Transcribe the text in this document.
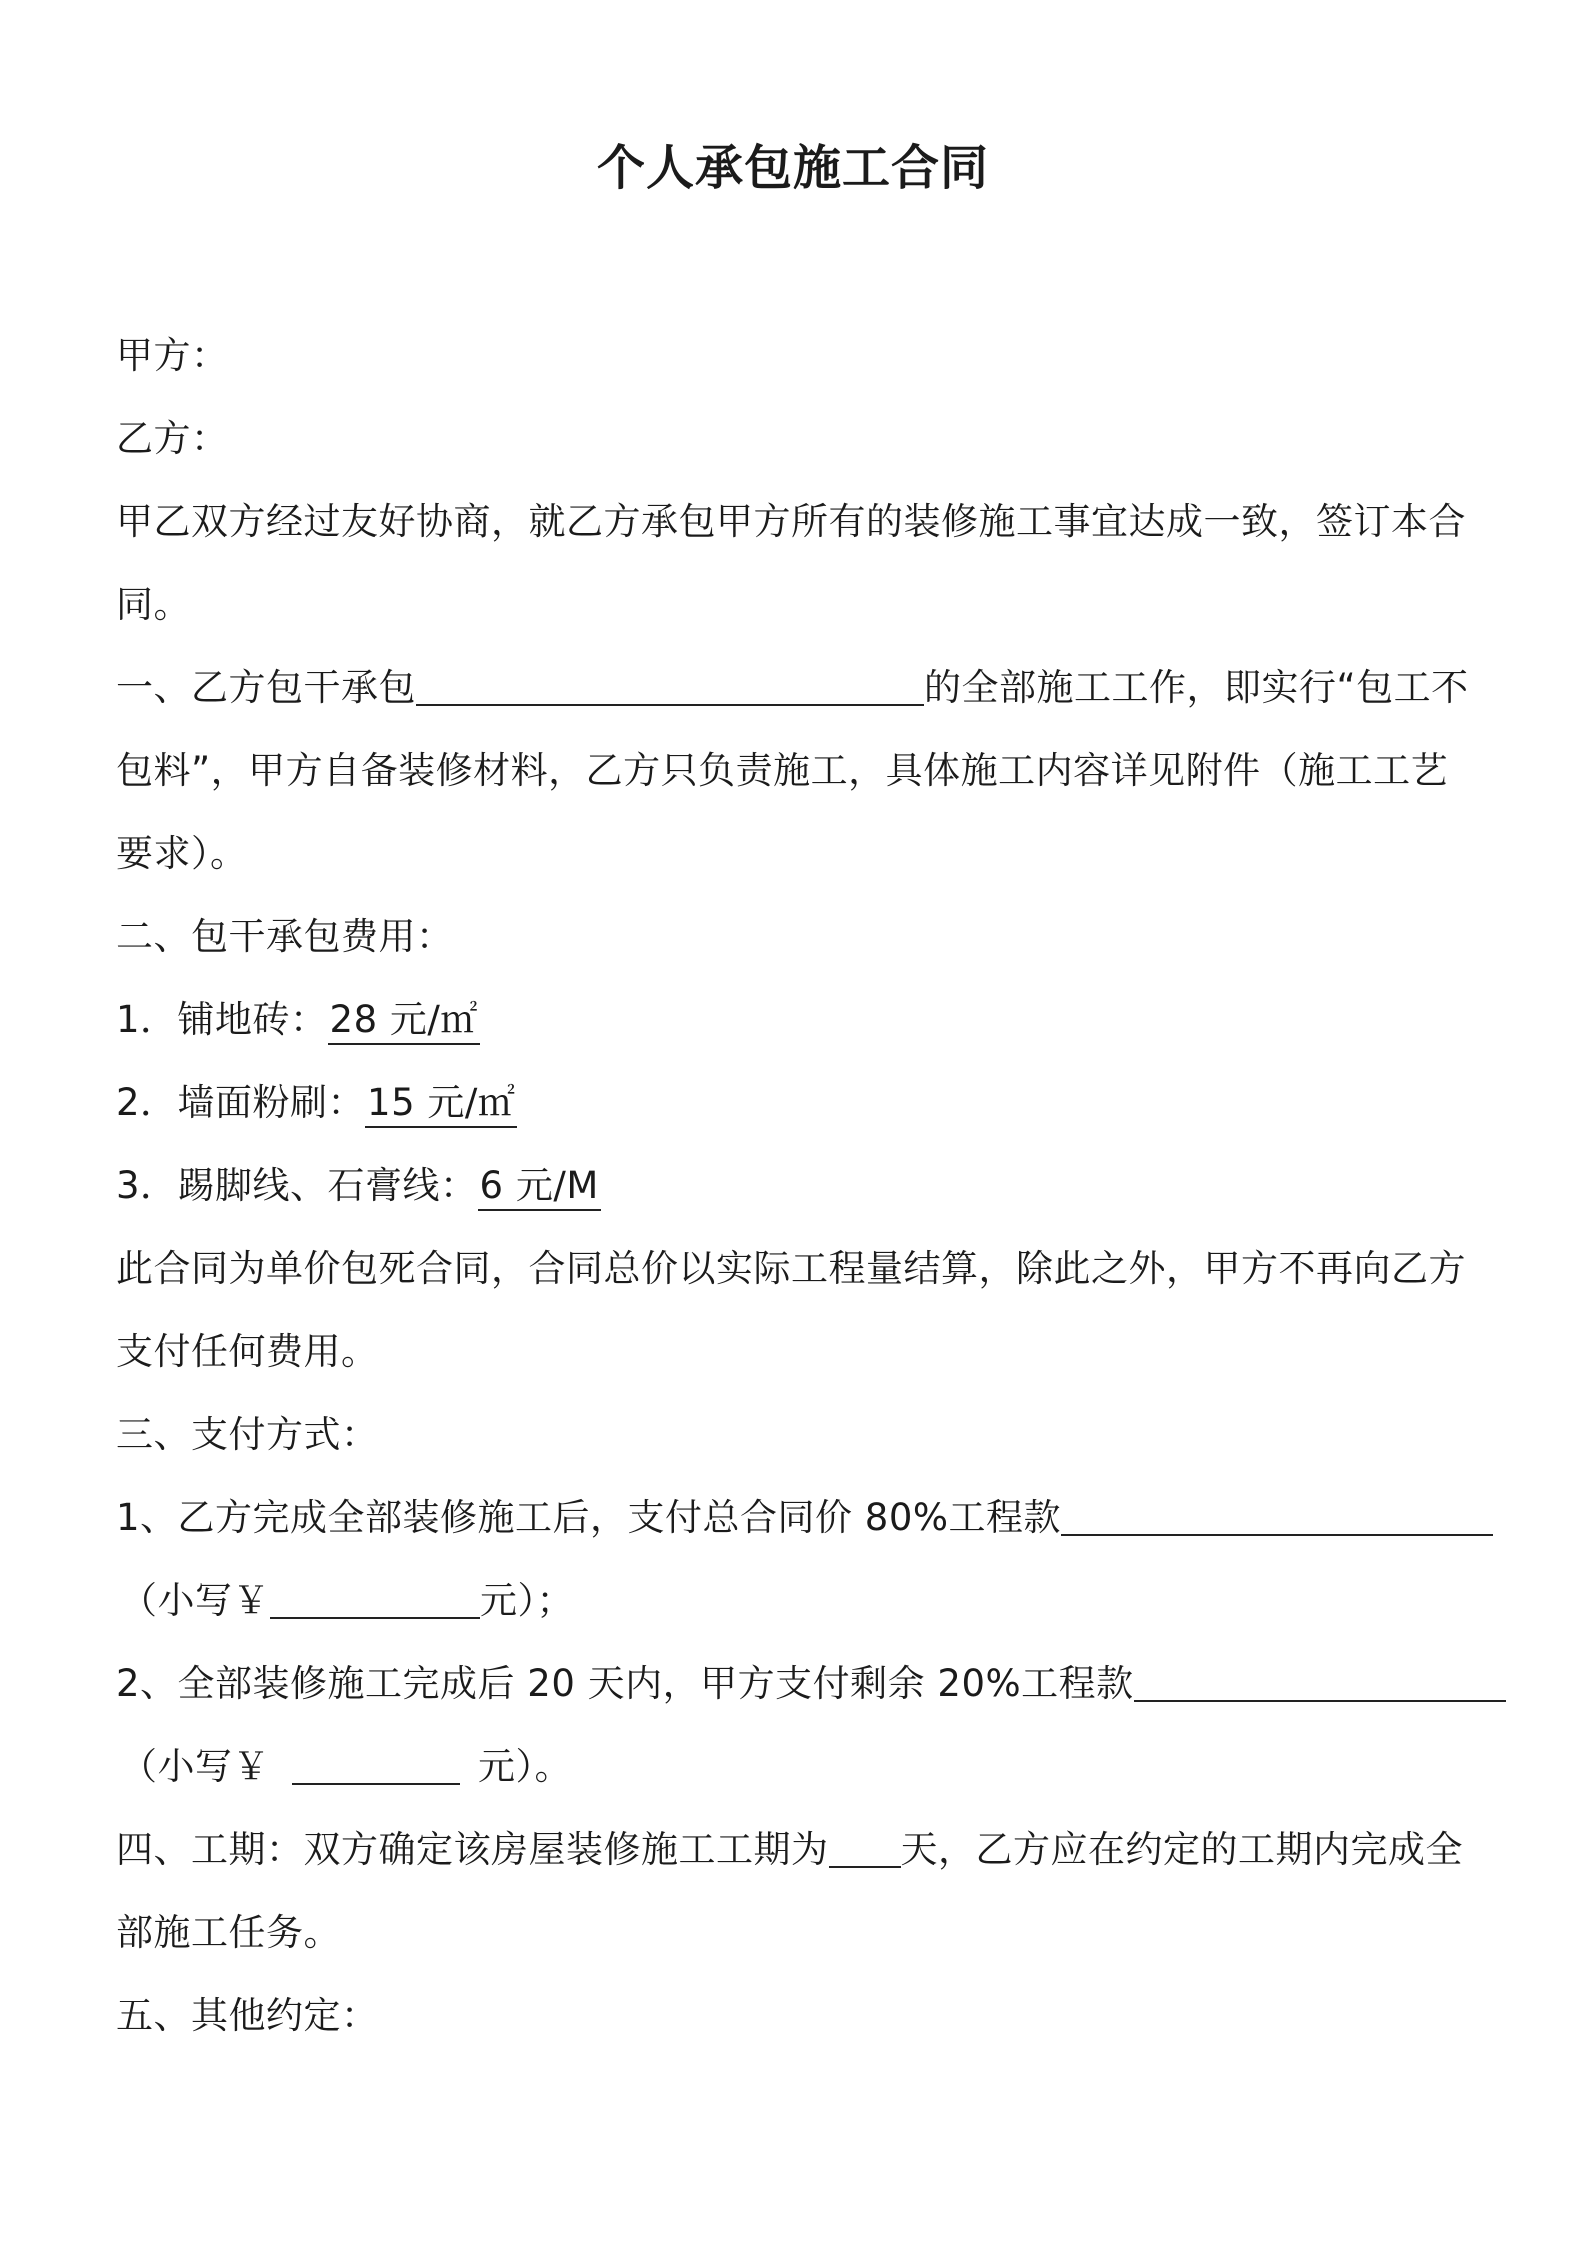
个人承包施工合同
甲方：
乙方：
甲乙双方经过友好协商，就乙方承包甲方所有的装修施工事宜达成一致，签订本合
同。
一、乙方包干承包	的全部施工工作，即实行“包工不
包料”，甲方自备装修材料，乙方只负责施工，具体施工内容详见附件（施工工艺
要求）。
二、包干承包费用：
1．铺地砖：28 元/㎡
2．墙面粉刷：15 元/㎡
3．踢脚线、石膏线：6 元/M
此合同为单价包死合同，合同总价以实际工程量结算，除此之外，甲方不再向乙方
支付任何费用。
三、支付方式：
1、乙方完成全部装修施工后，支付总合同价 80%工程款
（小写￥	元）；
2、全部装修施工完成后 20 天内，甲方支付剩余 20%工程款
（小写￥	元）。
四、工期：双方确定该房屋装修施工工期为 天，乙方应在约定的工期内完成全
部施工任务。
五、其他约定：
